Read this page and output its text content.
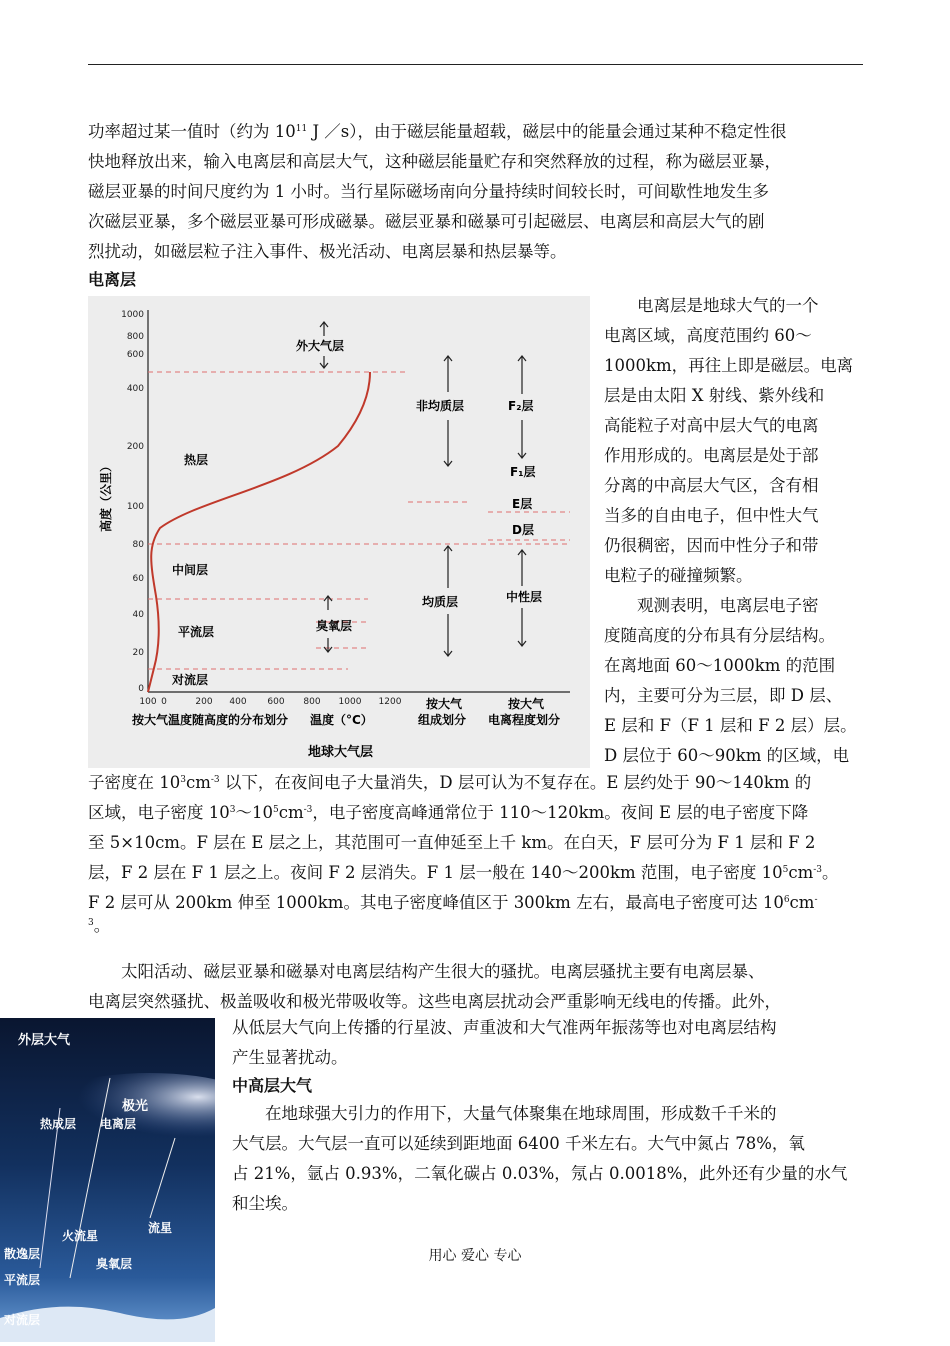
功率超过某一值时（约为 $10^{11}$ J ／s），由于磁层能量超载，磁层中的能量会通过某种不稳定性很
快地释放出来，输入电离层和高层大气，这种磁层能量贮存和突然释放的过程，称为磁层亚暴，
磁层亚暴的时间尺度约为 1 小时。当行星际磁场南向分量持续时间较长时，可间歇性地发生多
次磁层亚暴，多个磁层亚暴可形成磁暴。磁层亚暴和磁暴可引起磁层、电离层和高层大气的剧
烈扰动，如磁层粒子注入事件、极光活动、电离层暴和热层暴等。
电离层
1000
800
600
400
200
100
80
60
40
20
0
100 0	200 400 600 800 1000 1200
高度（公里）
外大气层
热层
中间层
平流层
对流层
臭氧层
非均质层
均质层
F₂层
F₁层
E层
D层
中性层
按大气温度随高度的分布划分 温度（°C）
按大气
组成划分
按大气
电离程度划分
地球大气层
电离层是地球大气的一个
电离区域，高度范围约 60～
1000km，再往上即是磁层。电离
层是由太阳 X 射线、紫外线和
高能粒子对高中层大气的电离
作用形成的。电离层是处于部
分离的中高层大气区，含有相
当多的自由电子，但中性大气
仍很稠密，因而中性分子和带
电粒子的碰撞频繁。
观测表明，电离层电子密
度随高度的分布具有分层结构。
在离地面 60～1000km 的范围
内，主要可分为三层，即 D 层、
E 层和 F（F 1 层和 F 2 层）层。
D 层位于 60～90km 的区域，电
子密度在 $10^3cm^{-3}$ 以下，在夜间电子大量消失，D 层可认为不复存在。E 层约处于 90～140km 的
区域，电子密度 $10^3\sim 10^5cm^{-3}$，电子密度高峰通常位于 110～120km。夜间 E 层的电子密度下降
至 5×10cm。F 层在 E 层之上，其范围可一直伸延至上千 km。在白天，F 层可分为 F 1 层和 F 2
层，F 2 层在 F 1 层之上。夜间 F 2 层消失。F 1 层一般在 140～200km 范围，电子密度 $10^5cm^{-3}$。
F 2 层可从 200km 伸至 1000km。其电子密度峰值区于 300km 左右，最高电子密度可达 $10^6cm^-$
$^3$。
太阳活动、磁层亚暴和磁暴对电离层结构产生很大的骚扰。电离层骚扰主要有电离层暴、
电离层突然骚扰、极盖吸收和极光带吸收等。这些电离层扰动会严重影响无线电的传播。此外，
从低层大气向上传播的行星波、声重波和大气准两年振荡等也对电离层结构
产生显著扰动。
中高层大气
在地球强大引力的作用下，大量气体聚集在地球周围，形成数千千米的
大气层。大气层一直可以延续到距地面 6400 千米左右。大气中氮占 78%，氧
占 21%，氩占 0.93%，二氧化碳占 0.03%，氖占 0.0018%，此外还有少量的水气
和尘埃。
外层大气
热成层
极光
电离层
火流星
流星
散逸层
臭氧层
平流层
对流层
用心 爱心 专心
